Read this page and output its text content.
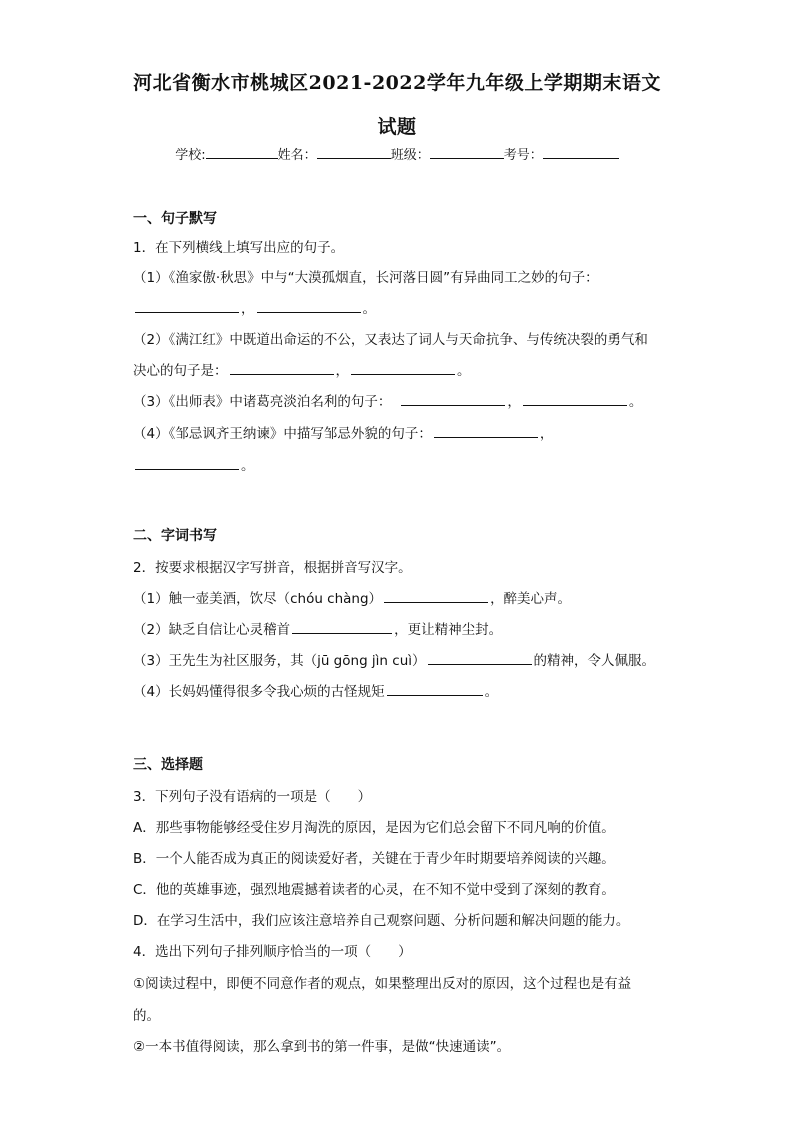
河北省衡水市桃城区2021-2022学年九年级上学期期末语文
试题
学校:	姓名：	班级：	考号：
一、句子默写
1．在下列横线上填写出应的句子。
（1）《渔家傲·秋思》中与“大漠孤烟直，长河落日圆”有异曲同工之妙的句子：
，	。
（2）《满江红》中既道出命运的不公，又表达了词人与天命抗争、与传统决裂的勇气和
决心的句子是：	，	。
（3）《出师表》中诸葛亮淡泊名利的句子：	，	。
（4）《邹忌讽齐王纳谏》中描写邹忌外貌的句子：	，
。
二、字词书写
2．按要求根据汉字写拼音，根据拼音写汉字。
（1）触一壶美酒，饮尽（chóu chàng）	，醉美心声。
（2）缺乏自信让心灵稽首	，更让精神尘封。
（3）王先生为社区服务，其（jū gōng jìn cuì）	的精神，令人佩服。
（4）长妈妈懂得很多令我心烦的古怪规矩	。
三、选择题
3．下列句子没有语病的一项是（　　）
A．那些事物能够经受住岁月淘洗的原因，是因为它们总会留下不同凡响的价值。
B．一个人能否成为真正的阅读爱好者，关键在于青少年时期要培养阅读的兴趣。
C．他的英雄事迹，强烈地震撼着读者的心灵，在不知不觉中受到了深刻的教育。
D．在学习生活中，我们应该注意培养自己观察问题、分析问题和解决问题的能力。
4．选出下列句子排列顺序恰当的一项（　　）
①阅读过程中，即便不同意作者的观点，如果整理出反对的原因，这个过程也是有益
的。
②一本书值得阅读，那么拿到书的第一件事，是做“快速通读”。
